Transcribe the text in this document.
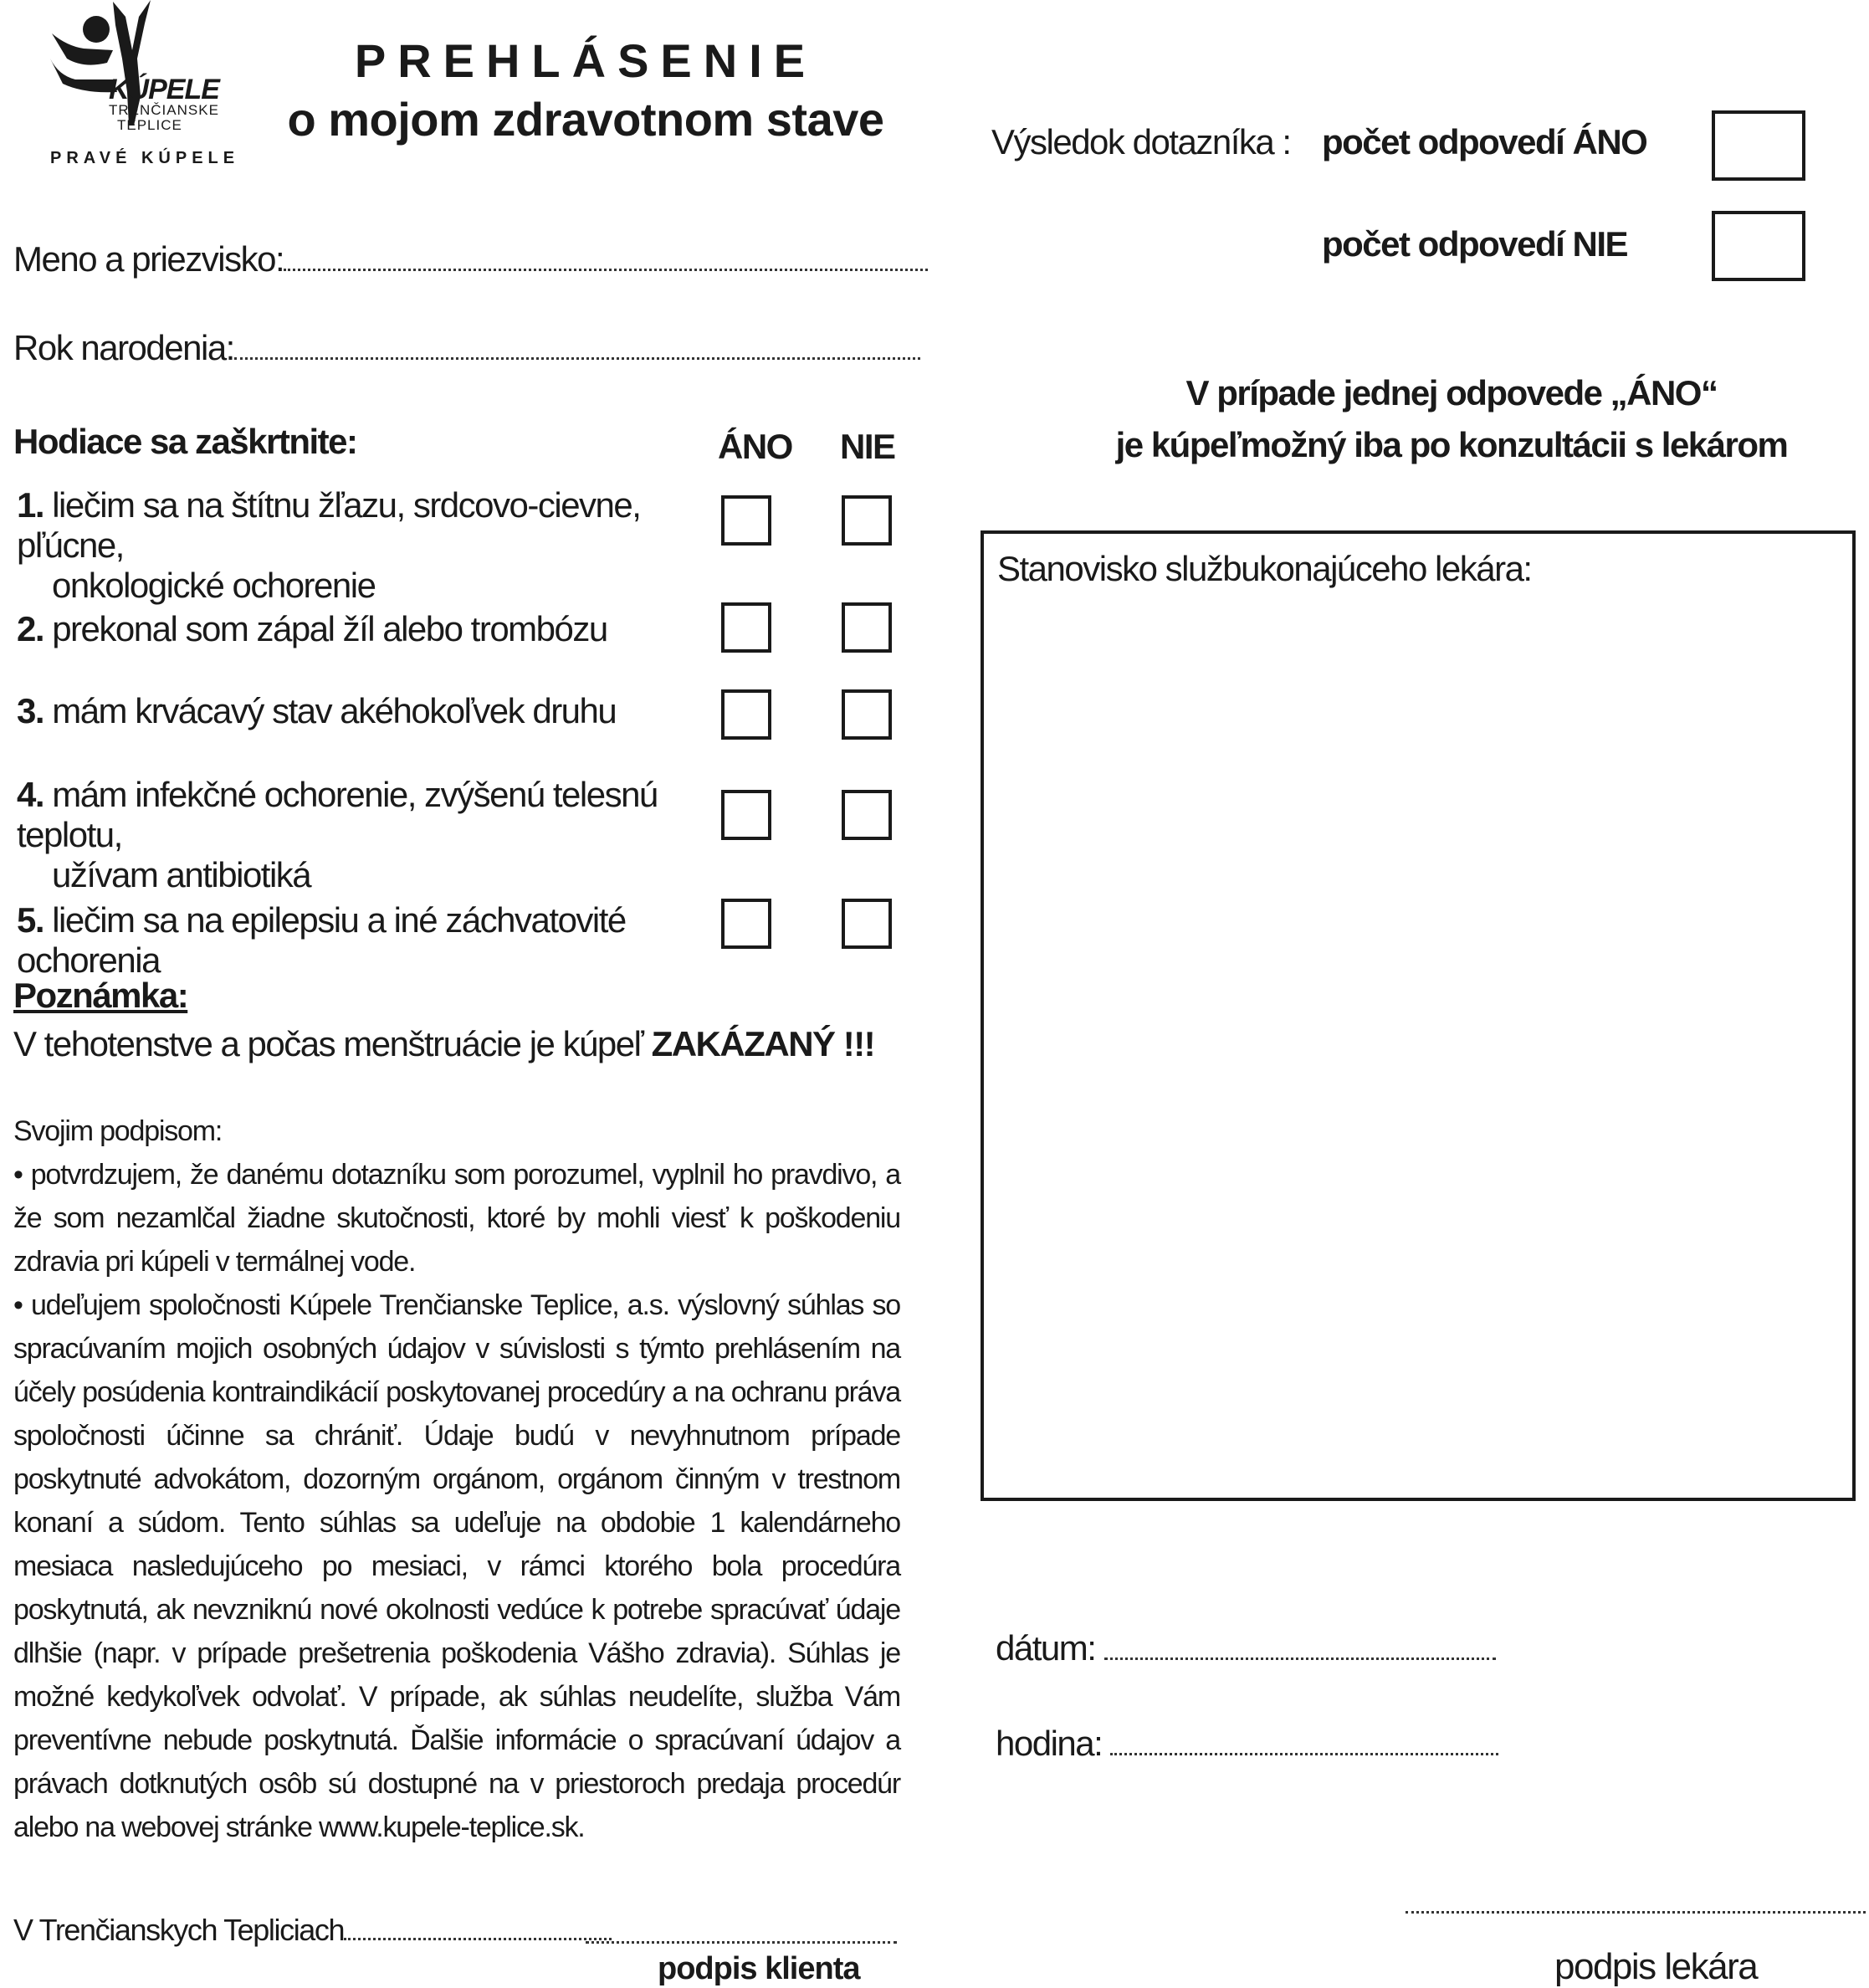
KÚPELE
TRENČIANSKE
TEPLICE
PRAVÉ KÚPELE
PREHLÁSENIE
o mojom zdravotnom stave	Výsledok dotazníka : počet odpovedí ÁNO
počet odpovedí NIE
Meno a priezvisko:
Rok narodenia:
Hodiace sa zaškrtnite:	ÁNO NIE
1. liečim sa na štítnu žľazu, srdcovo-cievne, pľúcne,
onkologické ochorenie
2. prekonal som zápal žíl alebo trombózu
3. mám krvácavý stav akéhokoľvek druhu
4. mám infekčné ochorenie, zvýšenú telesnú teplotu,
užívam antibiotiká
5. liečim sa na epilepsiu a iné záchvatovité ochorenia
Poznámka:
V tehotenstve a počas menštruácie je kúpeľ ZAKÁZANÝ !!!
Svojim podpisom:
• potvrdzujem, že danému dotazníku som porozumel, vyplnil ho pravdivo, a že som nezamlčal žiadne skutočnosti, ktoré by mohli viesť k poškodeniu zdravia pri kúpeli v termálnej vode.
• udeľujem spoločnosti Kúpele Trenčianske Teplice, a.s. výslovný súhlas so spracúvaním mojich osobných údajov v súvislosti s týmto prehlásením na účely posúdenia kontraindikácií poskytovanej procedúry a na ochranu práva spoločnosti účinne sa chrániť. Údaje budú v nevyhnutnom prípade poskytnuté advokátom, dozorným orgánom, orgánom činným v trestnom konaní a súdom. Tento súhlas sa udeľuje na obdobie 1 kalendárneho mesiaca nasledujúceho po mesiaci, v rámci ktorého bola procedúra poskytnutá, ak nevzniknú nové okolnosti vedúce k potrebe spracúvať údaje dlhšie (napr. v prípade prešetrenia poškodenia Vášho zdravia). Súhlas je možné kedykoľvek odvolať. V prípade, ak súhlas neudelíte, služba Vám preventívne nebude poskytnutá. Ďalšie informácie o spracúvaní údajov a právach dotknutých osôb sú dostupné na v priestoroch predaja procedúr alebo na webovej stránke www.kupele-teplice.sk.
V prípade jednej odpovede „ÁNO“
je kúpeľmožný iba po konzultácii s lekárom
Stanovisko službukonajúceho lekára:
dátum:
hodina:
V Trenčianskych Tepliciach
podpis klienta	podpis lekára
